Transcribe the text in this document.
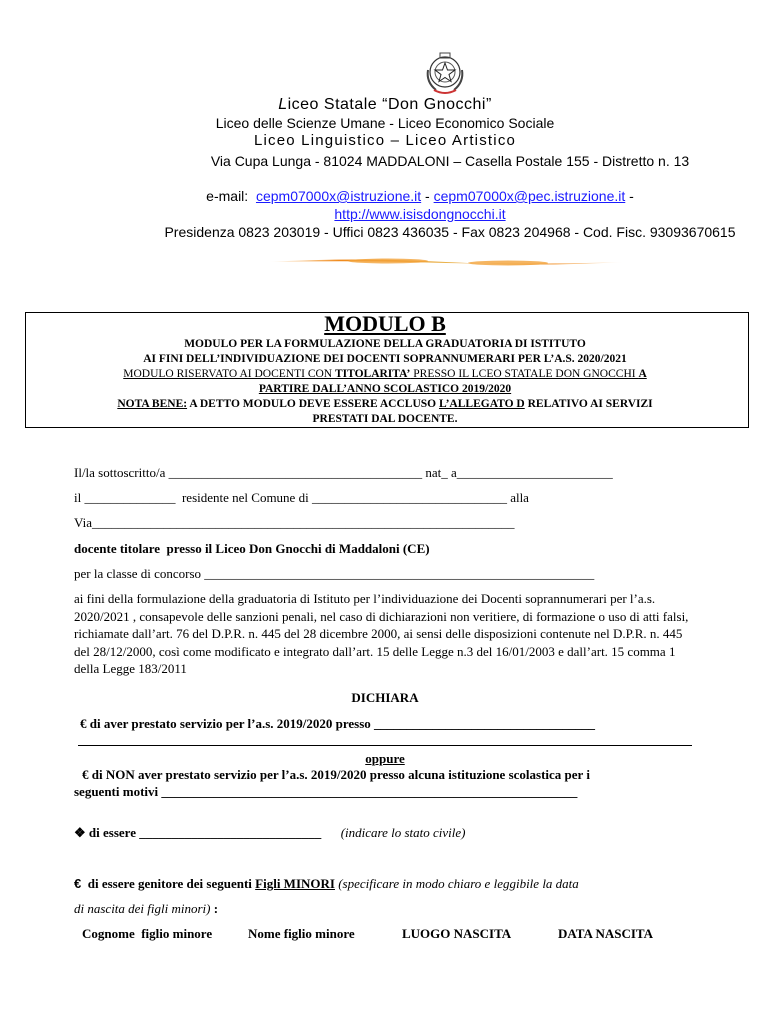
Liceo Statale “Don Gnocchi”
Liceo delle Scienze Umane - Liceo Economico Sociale
Liceo Linguistico – Liceo Artistico
Via Cupa Lunga - 81024 MADDALONI – Casella Postale 155 - Distretto n. 13
e-mail: cepm07000x@istruzione.it - cepm07000x@pec.istruzione.it -
http://www.isisdongnocchi.it
Presidenza 0823 203019 - Uffici 0823 436035 - Fax 0823 204968 - Cod. Fisc. 93093670615
MODULO B
MODULO PER LA FORMULAZIONE DELLA GRADUATORIA DI ISTITUTO
AI FINI DELL’INDIVIDUAZIONE DEI DOCENTI SOPRANNUMERARI PER L’A.S. 2020/2021
MODULO RISERVATO AI DOCENTI CON TITOLARITA’ PRESSO IL LCEO STATALE DON GNOCCHI A
PARTIRE DALL’ANNO SCOLASTICO 2019/2020
NOTA BENE: A DETTO MODULO DEVE ESSERE ACCLUSO L’ALLEGATO D RELATIVO AI SERVIZI
PRESTATI DAL DOCENTE.
Il/la sottoscritto/a _______________________________________ nat_ a________________________
il ______________  residente nel Comune di ______________________________ alla
Via_________________________________________________________________
docente titolare  presso il Liceo Don Gnocchi di Maddaloni (CE)
per la classe di concorso ____________________________________________________________
ai fini della formulazione della graduatoria di Istituto per l’individuazione dei Docenti soprannumerari per l’a.s. 2020/2021 , consapevole delle sanzioni penali, nel caso di dichiarazioni non veritiere, di formazione o uso di atti falsi, richiamate dall’art. 76 del D.P.R. n. 445 del 28 dicembre 2000, ai sensi delle disposizioni contenute nel D.P.R. n. 445 del 28/12/2000, così come modificato e integrato dall’art. 15 delle Legge n.3 del 16/01/2003 e dall’art. 15 comma 1 della Legge 183/2011
DICHIARA
€ di aver prestato servizio per l’a.s. 2019/2020 presso __________________________________
oppure
€ di NON aver prestato servizio per l’a.s. 2019/2020 presso alcuna istituzione scolastica per i
seguenti motivi ________________________________________________________________
❖ di essere ____________________________ (indicare lo stato civile)
€  di essere genitore dei seguenti Figli MINORI (specificare in modo chiaro e leggibile la data
di nascita dei figli minori) :
Cognome  figlio minore	Nome figlio minore	LUOGO NASCITA	DATA NASCITA
